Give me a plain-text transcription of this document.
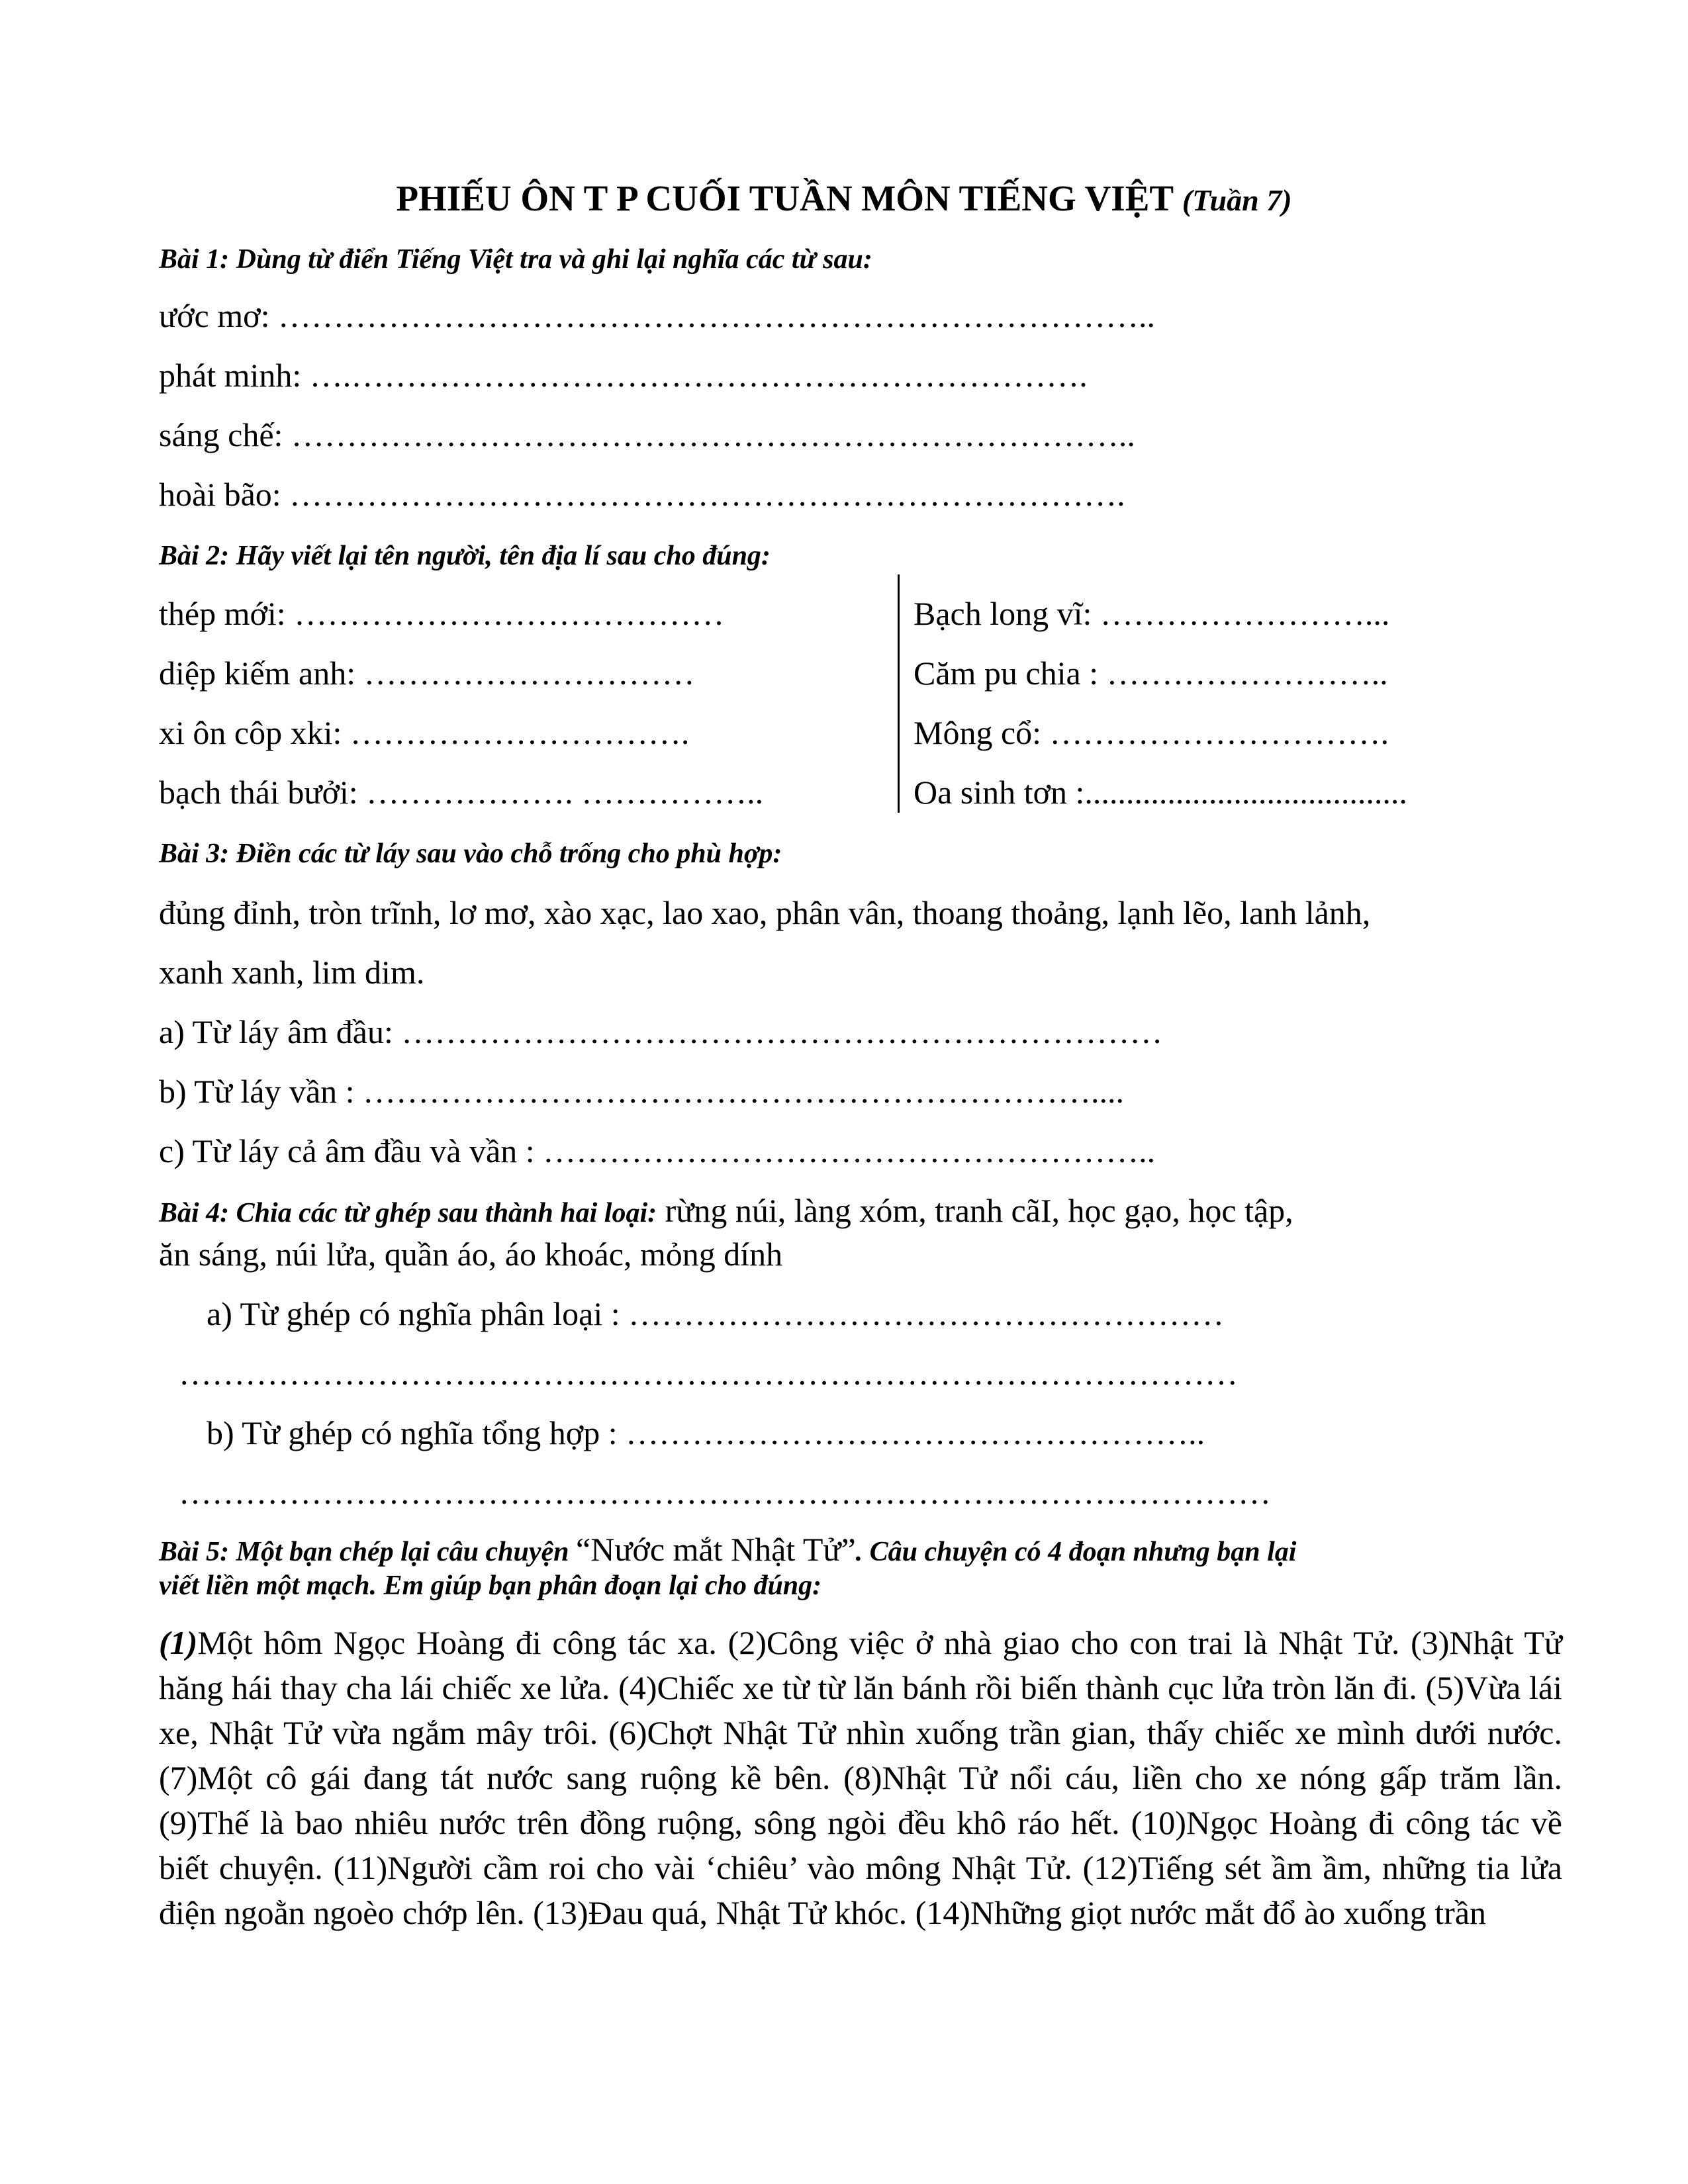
PHIẾU ÔN T P CUỐI TUẦN MÔN TIẾNG VIỆT (Tuần 7)
Bài 1: Dùng từ điển Tiếng Việt tra và ghi lại nghĩa các từ sau:
ước mơ: ……………………………………………………………………..
phát minh: ….………………………………………………………….
sáng chế: …………………………………………………………………..
hoài bão: ………………………………………………………………….
Bài 2: Hãy viết lại tên người, tên địa lí sau cho đúng:
thép mới: …………………………………
diệp kiếm anh: …………………………
xi ôn côp xki: ………………………….
bạch thái bưởi: ………………. ……………..
Bạch long vĩ: ……………………...
Căm pu chia : ……………………..
Mông cổ: ………………………….
Oa sinh tơn :.......................................
Bài 3: Điền các từ láy sau vào chỗ trống cho phù hợp:
đủng đỉnh, tròn trĩnh, lơ mơ, xào xạc, lao xao, phân vân, thoang thoảng, lạnh lẽo, lanh lảnh,
xanh xanh, lim dim.
a) Từ láy âm đầu: ……………………………………………………………
b) Từ láy vần : …………………………………………………………....
c) Từ láy cả âm đầu và vần : ………………………………………………..
Bài 4: Chia các từ ghép sau thành hai loại: rừng núi, làng xóm, tranh cãI, học gạo, học tập,
ăn sáng, núi lửa, quần áo, áo khoác, mỏng dính
a) Từ ghép có nghĩa phân loại : ………………………………………………
……………………………………………………………………………………
b) Từ ghép có nghĩa tổng hợp : ……………………………………………..
………………………………………………………………………………………
Bài 5: Một bạn chép lại câu chuyện “Nước mắt Nhật Tử”. Câu chuyện có 4 đoạn nhưng bạn lại
viết liền một mạch. Em giúp bạn phân đoạn lại cho đúng:
(1)Một hôm Ngọc Hoàng đi công tác xa. (2)Công việc ở nhà giao cho con trai là Nhật Tử. (3)Nhật Tử hăng hái thay cha lái chiếc xe lửa. (4)Chiếc xe từ từ lăn bánh rồi biến thành cục lửa tròn lăn đi. (5)Vừa lái xe, Nhật Tử vừa ngắm mây trôi. (6)Chợt Nhật Tử nhìn xuống trần gian, thấy chiếc xe mình dưới nước. (7)Một cô gái đang tát nước sang ruộng kề bên. (8)Nhật Tử nổi cáu, liền cho xe nóng gấp trăm lần. (9)Thế là bao nhiêu nước trên đồng ruộng, sông ngòi đều khô ráo hết. (10)Ngọc Hoàng đi công tác về biết chuyện. (11)Người cầm roi cho vài ‘chiêu’ vào mông Nhật Tử. (12)Tiếng sét ầm ầm, những tia lửa điện ngoằn ngoèo chớp lên. (13)Đau quá, Nhật Tử khóc. (14)Những giọt nước mắt đổ ào xuống trần
